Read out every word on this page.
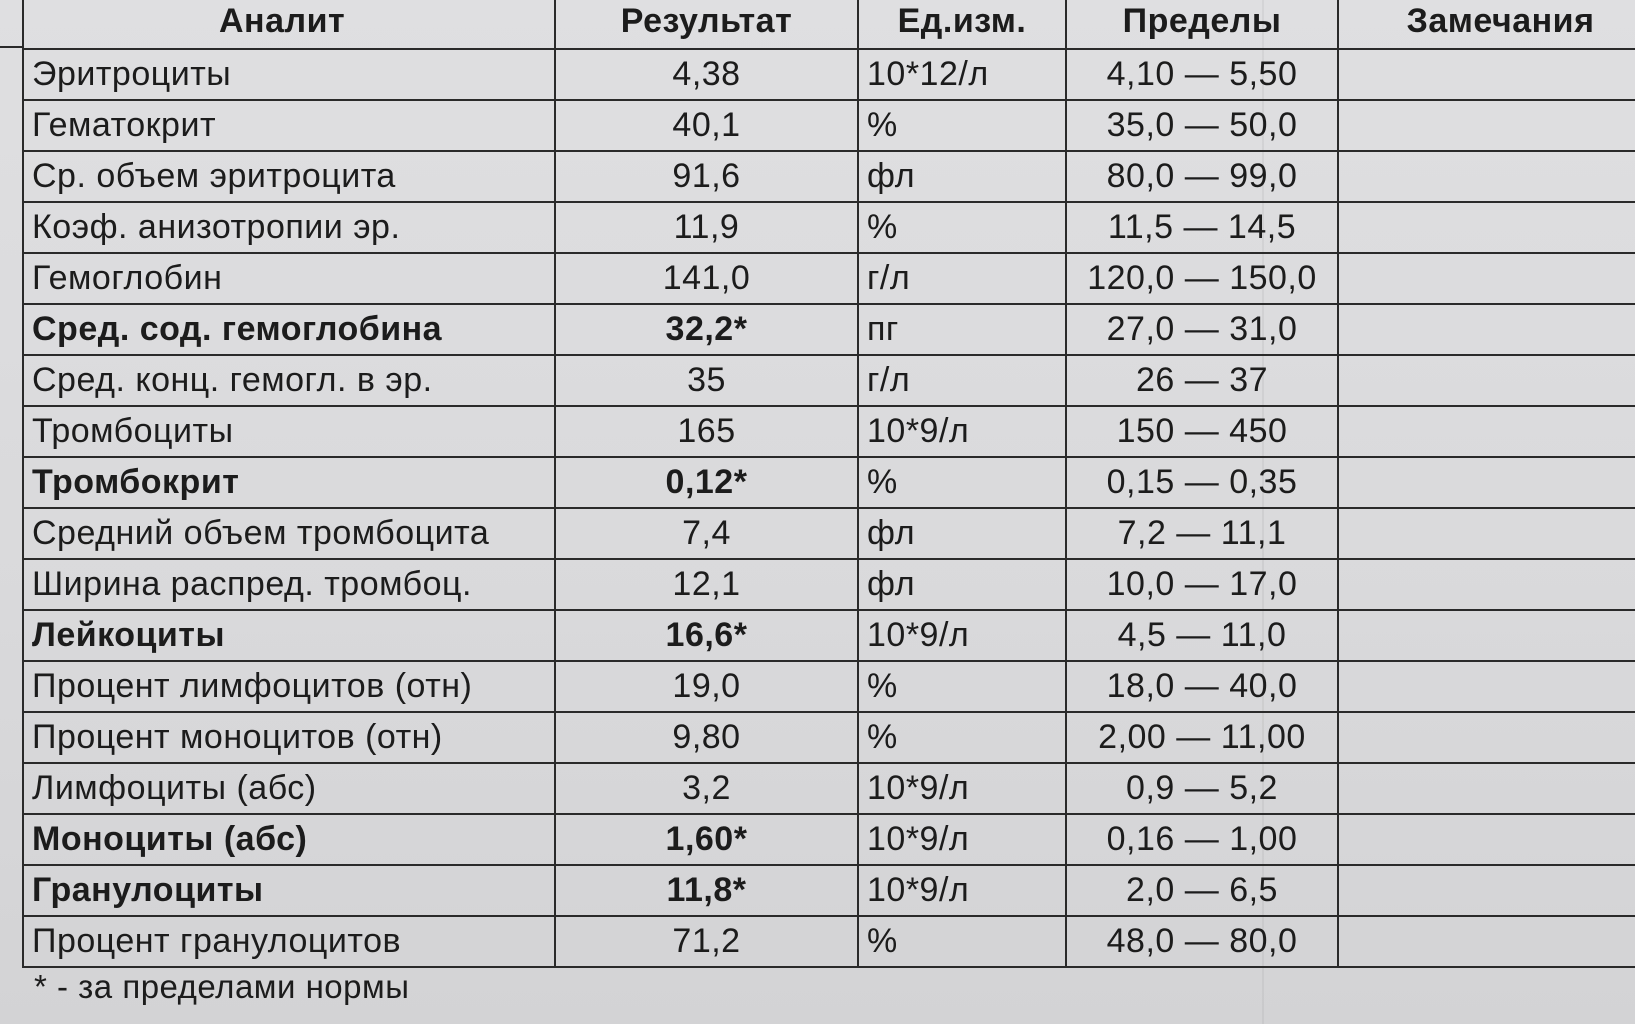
Аналит	Результат	Ед.изм.	Пределы	Замечания
Эритроциты	4,38	10*12/л	4,10 — 5,50	
Гематокрит	40,1	%	35,0 — 50,0	
Ср. объем эритроцита	91,6	фл	80,0 — 99,0	
Коэф. анизотропии эр.	11,9	%	11,5 — 14,5	
Гемоглобин	141,0	г/л	120,0 — 150,0	
Сред. сод. гемоглобина	32,2*	пг	27,0 — 31,0	
Сред. конц. гемогл. в эр.	35	г/л	26 — 37	
Тромбоциты	165	10*9/л	150 — 450	
Тромбокрит	0,12*	%	0,15 — 0,35	
Средний объем тромбоцита	7,4	фл	7,2 — 11,1	
Ширина распред. тромбоц.	12,1	фл	10,0 — 17,0	
Лейкоциты	16,6*	10*9/л	4,5 — 11,0	
Процент лимфоцитов (отн)	19,0	%	18,0 — 40,0	
Процент моноцитов (отн)	9,80	%	2,00 — 11,00	
Лимфоциты (абс)	3,2	10*9/л	0,9 — 5,2	
Моноциты (абс)	1,60*	10*9/л	0,16 — 1,00	
Гранулоциты	11,8*	10*9/л	2,0 — 6,5	
Процент гранулоцитов	71,2	%	48,0 — 80,0	
* - за пределами нормы
